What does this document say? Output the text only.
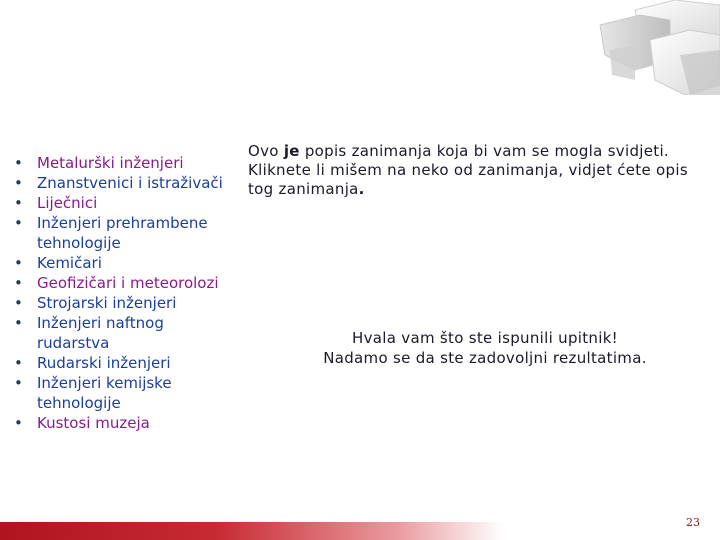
• Metalurški inženjeri
• Znanstvenici i istraživači
• Liječnici
• Inženjeri prehrambene tehnologije
• Kemičari
• Geofizičari i meteorolozi
• Strojarski inženjeri
• Inženjeri naftnog rudarstva
• Rudarski inženjeri
• Inženjeri kemijske tehnologije
• Kustosi muzeja
Ovo je popis zanimanja koja bi vam se mogla svidjeti. Kliknete li mišem na neko od zanimanja, vidjet ćete opis tog zanimanja.
Hvala vam što ste ispunili upitnik!
Nadamo se da ste zadovoljni rezultatima.
23
